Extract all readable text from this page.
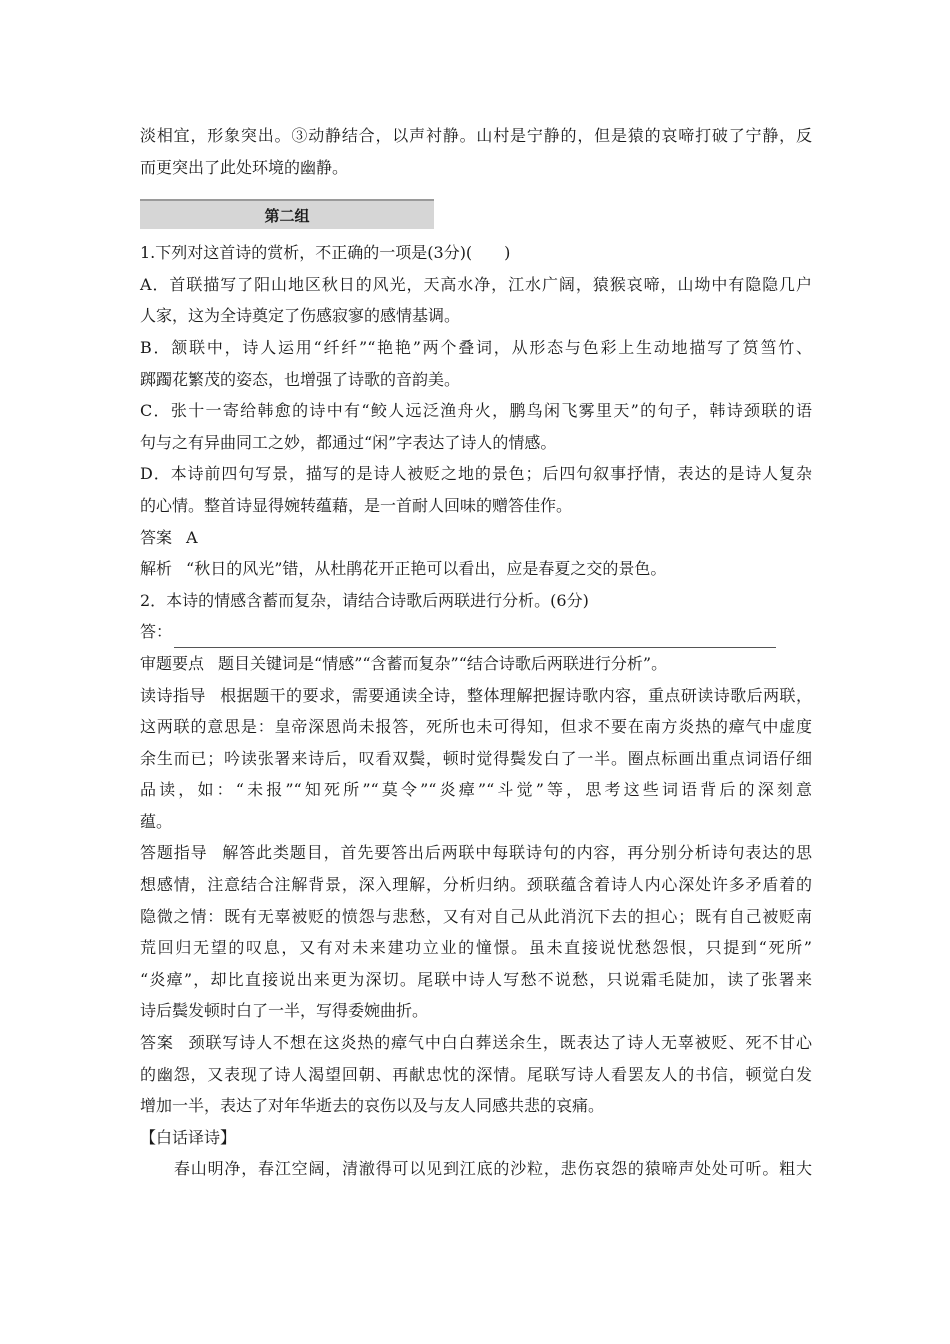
淡相宜，形象突出。③动静结合，以声衬静。山村是宁静的，但是猿的哀啼打破了宁静，反
而更突出了此处环境的幽静。
第二组
1.下列对这首诗的赏析，不正确的一项是(3分)(　　)
A．首联描写了阳山地区秋日的风光，天高水净，江水广阔，猿猴哀啼，山坳中有隐隐几户
人家，这为全诗奠定了伤感寂寥的感情基调。
B．颔联中，诗人运用“纤纤”“艳艳”两个叠词，从形态与色彩上生动地描写了筼筜竹、
踯躅花繁茂的姿态，也增强了诗歌的音韵美。
C．张十一寄给韩愈的诗中有“鲛人远泛渔舟火，鹏鸟闲飞雾里天”的句子，韩诗颈联的语
句与之有异曲同工之妙，都通过“闲”字表达了诗人的情感。
D．本诗前四句写景，描写的是诗人被贬之地的景色；后四句叙事抒情，表达的是诗人复杂
的心情。整首诗显得婉转蕴藉，是一首耐人回味的赠答佳作。
答案 A
解析 “秋日的风光”错，从杜鹃花开正艳可以看出，应是春夏之交的景色。
2．本诗的情感含蓄而复杂，请结合诗歌后两联进行分析。(6分)
答：
审题要点 题目关键词是“情感”“含蓄而复杂”“结合诗歌后两联进行分析”。
读诗指导 根据题干的要求，需要通读全诗，整体理解把握诗歌内容，重点研读诗歌后两联，
这两联的意思是：皇帝深恩尚未报答，死所也未可得知，但求不要在南方炎热的瘴气中虚度
余生而已；吟读张署来诗后，叹看双鬓，顿时觉得鬓发白了一半。圈点标画出重点词语仔细
品读，如：“未报”“知死所”“莫令”“炎瘴”“斗觉”等，思考这些词语背后的深刻意
蕴。
答题指导 解答此类题目，首先要答出后两联中每联诗句的内容，再分别分析诗句表达的思
想感情，注意结合注解背景，深入理解，分析归纳。颈联蕴含着诗人内心深处许多矛盾着的
隐微之情：既有无辜被贬的愤怨与悲愁，又有对自己从此消沉下去的担心；既有自己被贬南
荒回归无望的叹息，又有对未来建功立业的憧憬。虽未直接说忧愁怨恨，只提到“死所”
“炎瘴”，却比直接说出来更为深切。尾联中诗人写愁不说愁，只说霜毛陡加，读了张署来
诗后鬓发顿时白了一半，写得委婉曲折。
答案 颈联写诗人不想在这炎热的瘴气中白白葬送余生，既表达了诗人无辜被贬、死不甘心
的幽怨，又表现了诗人渴望回朝、再献忠忱的深情。尾联写诗人看罢友人的书信，顿觉白发
增加一半，表达了对年华逝去的哀伤以及与友人同感共悲的哀痛。
【白话译诗】
春山明净，春江空阔，清澈得可以见到江底的沙粒，悲伤哀怨的猿啼声处处可听。粗大
